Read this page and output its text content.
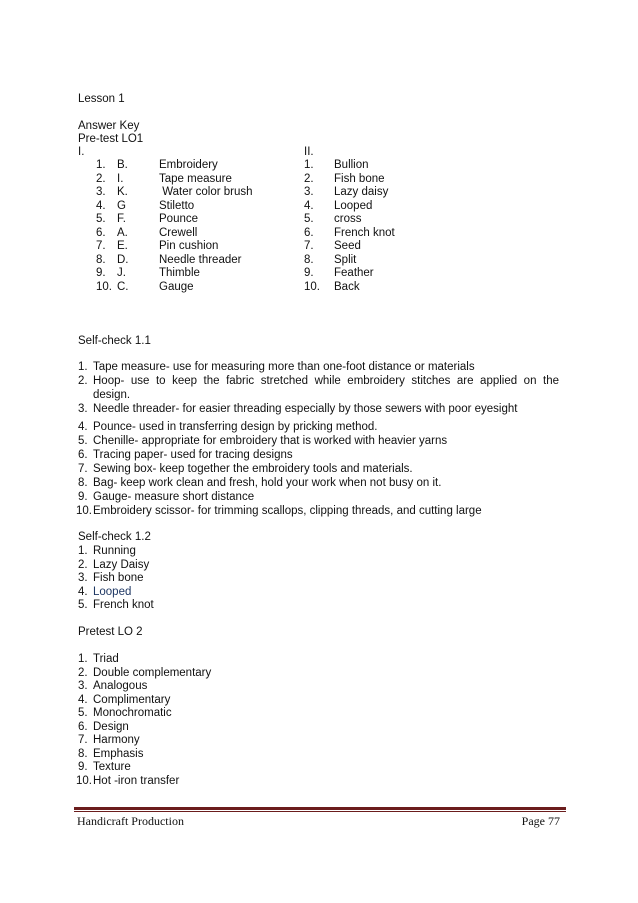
Lesson 1
Answer Key
Pre-test LO1
I.	II.
1. B.	Embroidery	1. Bullion
2. I.	Tape measure	2. Fish bone
3. K.	Water color brush	3. Lazy daisy
4. G	Stiletto	4. Looped
5. F.	Pounce	5. cross
6. A.	Crewell	6. French knot
7. E.	Pin cushion	7. Seed
8. D.	Needle threader	8. Split
9. J.	Thimble	9. Feather
10. C.	Gauge	10. Back
Self-check 1.1
1. Tape measure- use for measuring more than one-foot distance or materials
2. Hoop- use to keep the fabric stretched while embroidery stitches are applied on the
design.
3. Needle threader- for easier threading especially by those sewers with poor eyesight
4. Pounce- used in transferring design by pricking method.
5. Chenille- appropriate for embroidery that is worked with heavier yarns
6. Tracing paper- used for tracing designs
7. Sewing box- keep together the embroidery tools and materials.
8. Bag- keep work clean and fresh, hold your work when not busy on it.
9. Gauge- measure short distance
10. Embroidery scissor- for trimming scallops, clipping threads, and cutting large
Self-check 1.2
1. Running
2. Lazy Daisy
3. Fish bone
4. Looped
5. French knot
Pretest LO 2
1. Triad
2. Double complementary
3. Analogous
4. Complimentary
5. Monochromatic
6. Design
7. Harmony
8. Emphasis
9. Texture
10. Hot -iron transfer
Handicraft Production	Page 77
